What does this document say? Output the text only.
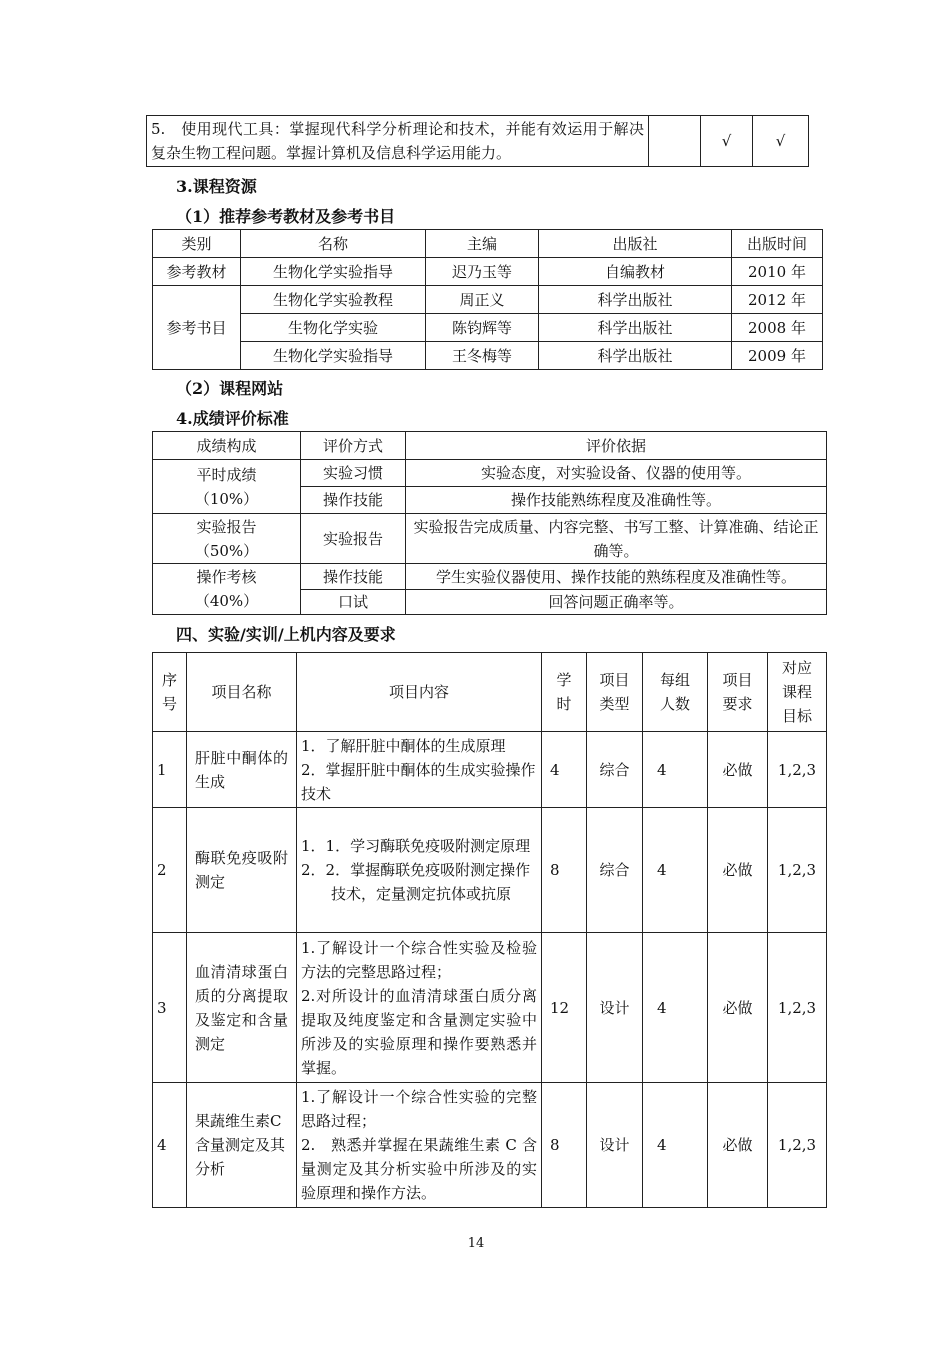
5.　使用现代工具：掌握现代科学分析理论和技术，并能有效运用于解决复杂生物工程问题。掌握计算机及信息科学运用能力。		√	√
3.课程资源
（1）推荐参考教材及参考书目
类别	名称	主编	出版社	出版时间
参考教材	生物化学实验指导	迟乃玉等	自编教材	2010 年
参考书目	生物化学实验教程	周正义	科学出版社	2012 年
	生物化学实验	陈钧辉等	科学出版社	2008 年
	生物化学实验指导	王冬梅等	科学出版社	2009 年
（2）课程网站
4.成绩评价标准
成绩构成	评价方式	评价依据

平时成绩
（10%）	实验习惯	实验态度，对实验设备、仪器的使用等。
	操作技能	操作技能熟练程度及准确性等。

实验报告
（50%）	实验报告	实验报告完成质量、内容完整、书写工整、计算准确、结论正确等。

操作考核
（40%）	操作技能	学生实验仪器使用、操作技能的熟练程度及准确性等。
	口试	回答问题正确率等。
四、实验/实训/上机内容及要求
序号	项目名称	项目内容	学时	项目类型	每组人数	项目要求	对应课程目标
1	肝脏中酮体的生成	1．了解肝脏中酮体的生成原理
2．掌握肝脏中酮体的生成实验操作技术	4	综合	4	必做	1,2,3
2	酶联免疫吸附测定	1．1．学习酶联免疫吸附测定原理
2．2．掌握酶联免疫吸附测定操作技术，定量测定抗体或抗原	8	综合	4	必做	1,2,3
3	血清清球蛋白质的分离提取及鉴定和含量测定	1.了解设计一个综合性实验及检验方法的完整思路过程；
2.对所设计的血清清球蛋白质分离提取及纯度鉴定和含量测定实验中所涉及的实验原理和操作要熟悉并掌握。	12	设计	4	必做	1,2,3
4	果蔬维生素C 含量测定及其分析	1.了解设计一个综合性实验的完整思路过程；
2.　熟悉并掌握在果蔬维生素 C 含量测定及其分析实验中所涉及的实验原理和操作方法。	8	设计	4	必做	1,2,3
14
